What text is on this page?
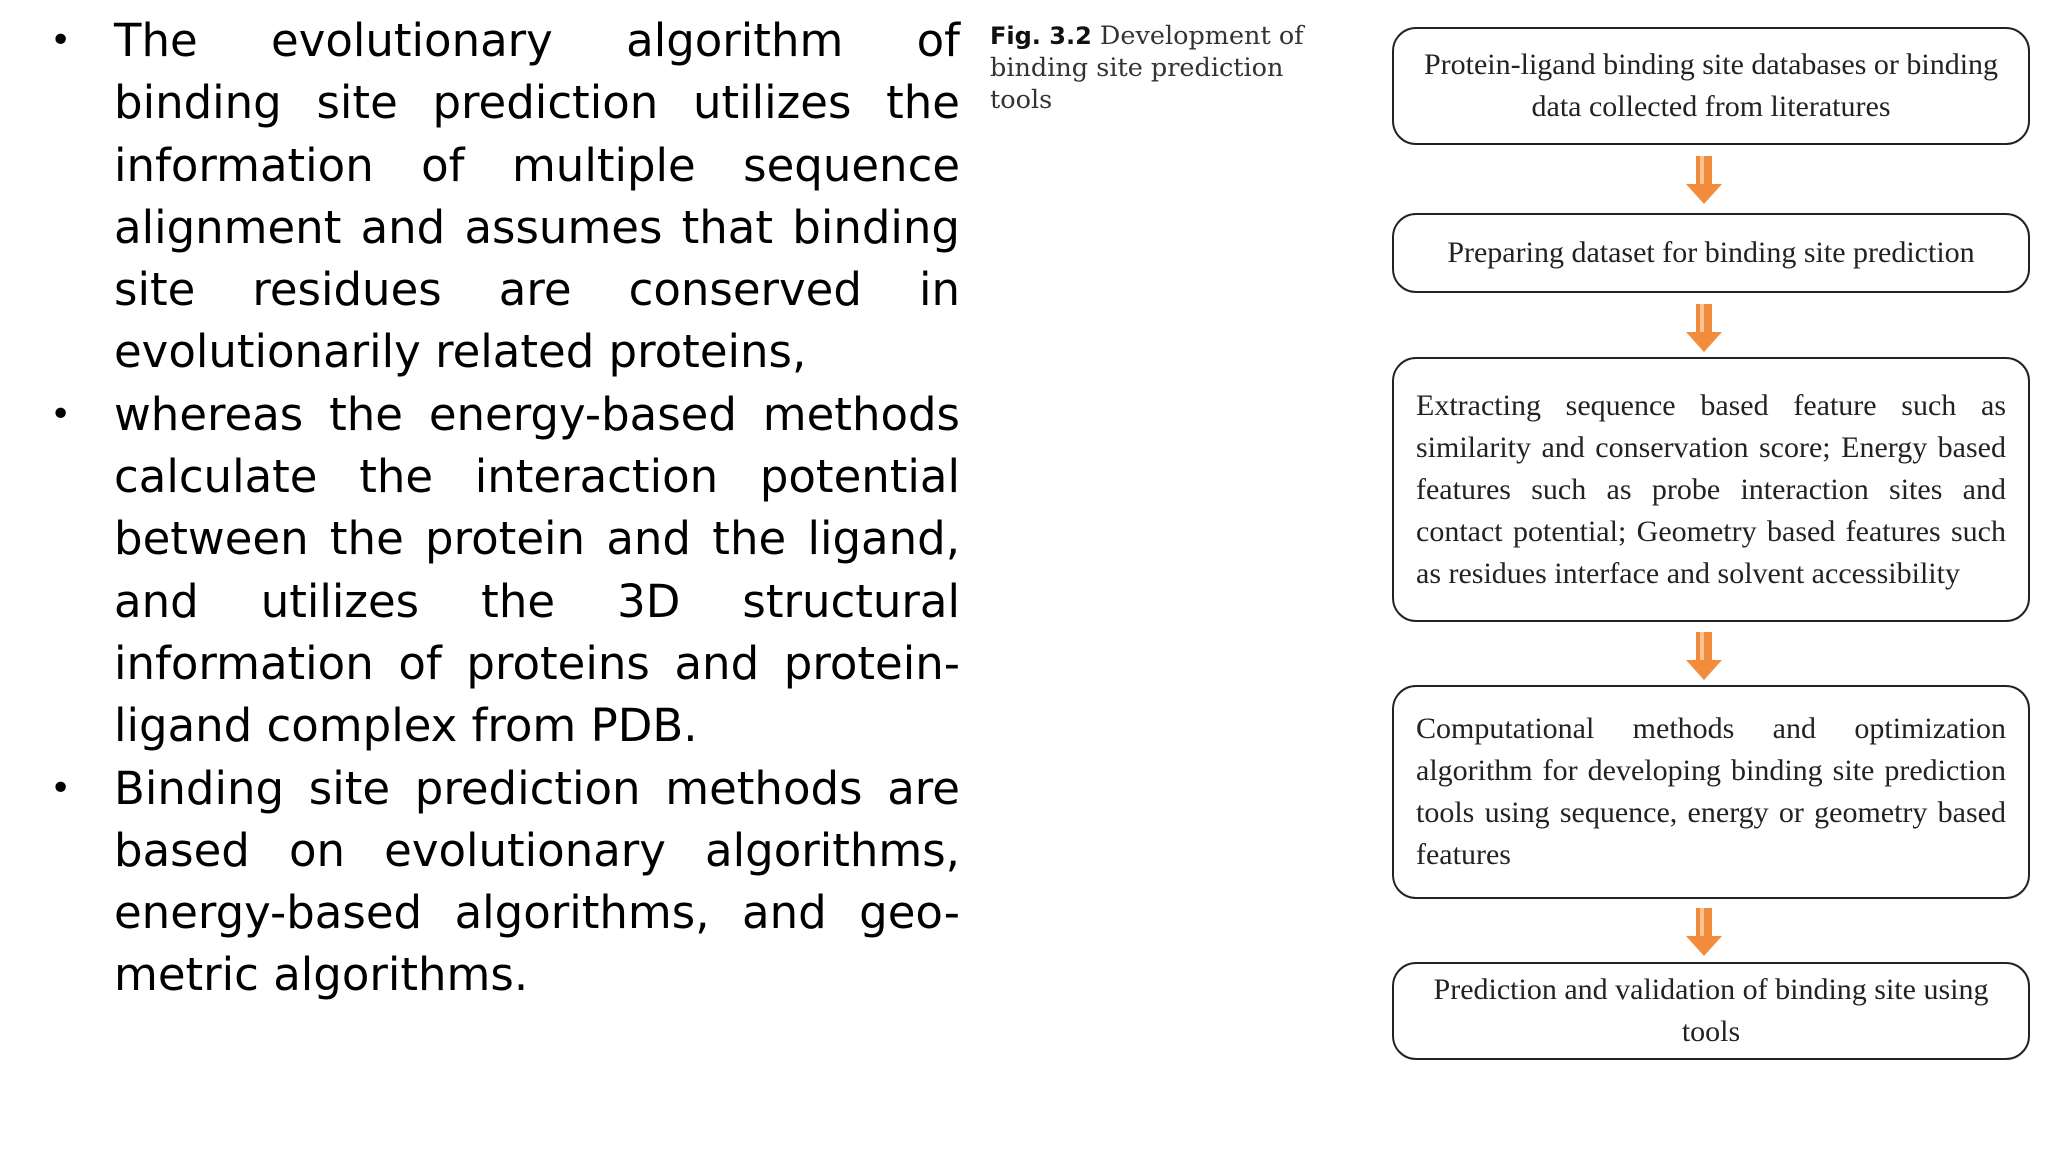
• The evolutionary algorithm of binding site prediction utilizes the information of multiple sequence alignment and assumes that binding site residues are conserved in evolutionarily related proteins,
• whereas the energy-based methods calculate the interaction potential between the protein and the ligand, and utilizes the 3D structural information of proteins and protein-ligand complex from PDB.
• Binding site prediction methods are based on evolutionary algorithms, energy-based algorithms, and geo-metric algorithms.
Fig. 3.2 Development of binding site prediction tools
Protein-ligand binding site databases or binding data collected from literatures
Preparing dataset for binding site prediction
Extracting sequence based feature such as similarity and conservation score; Energy based features such as probe interaction sites and contact potential; Geometry based features such as residues interface and solvent accessibility
Computational methods and optimization algorithm for developing binding site prediction tools using sequence, energy or geometry based features
Prediction and validation of binding site using tools
